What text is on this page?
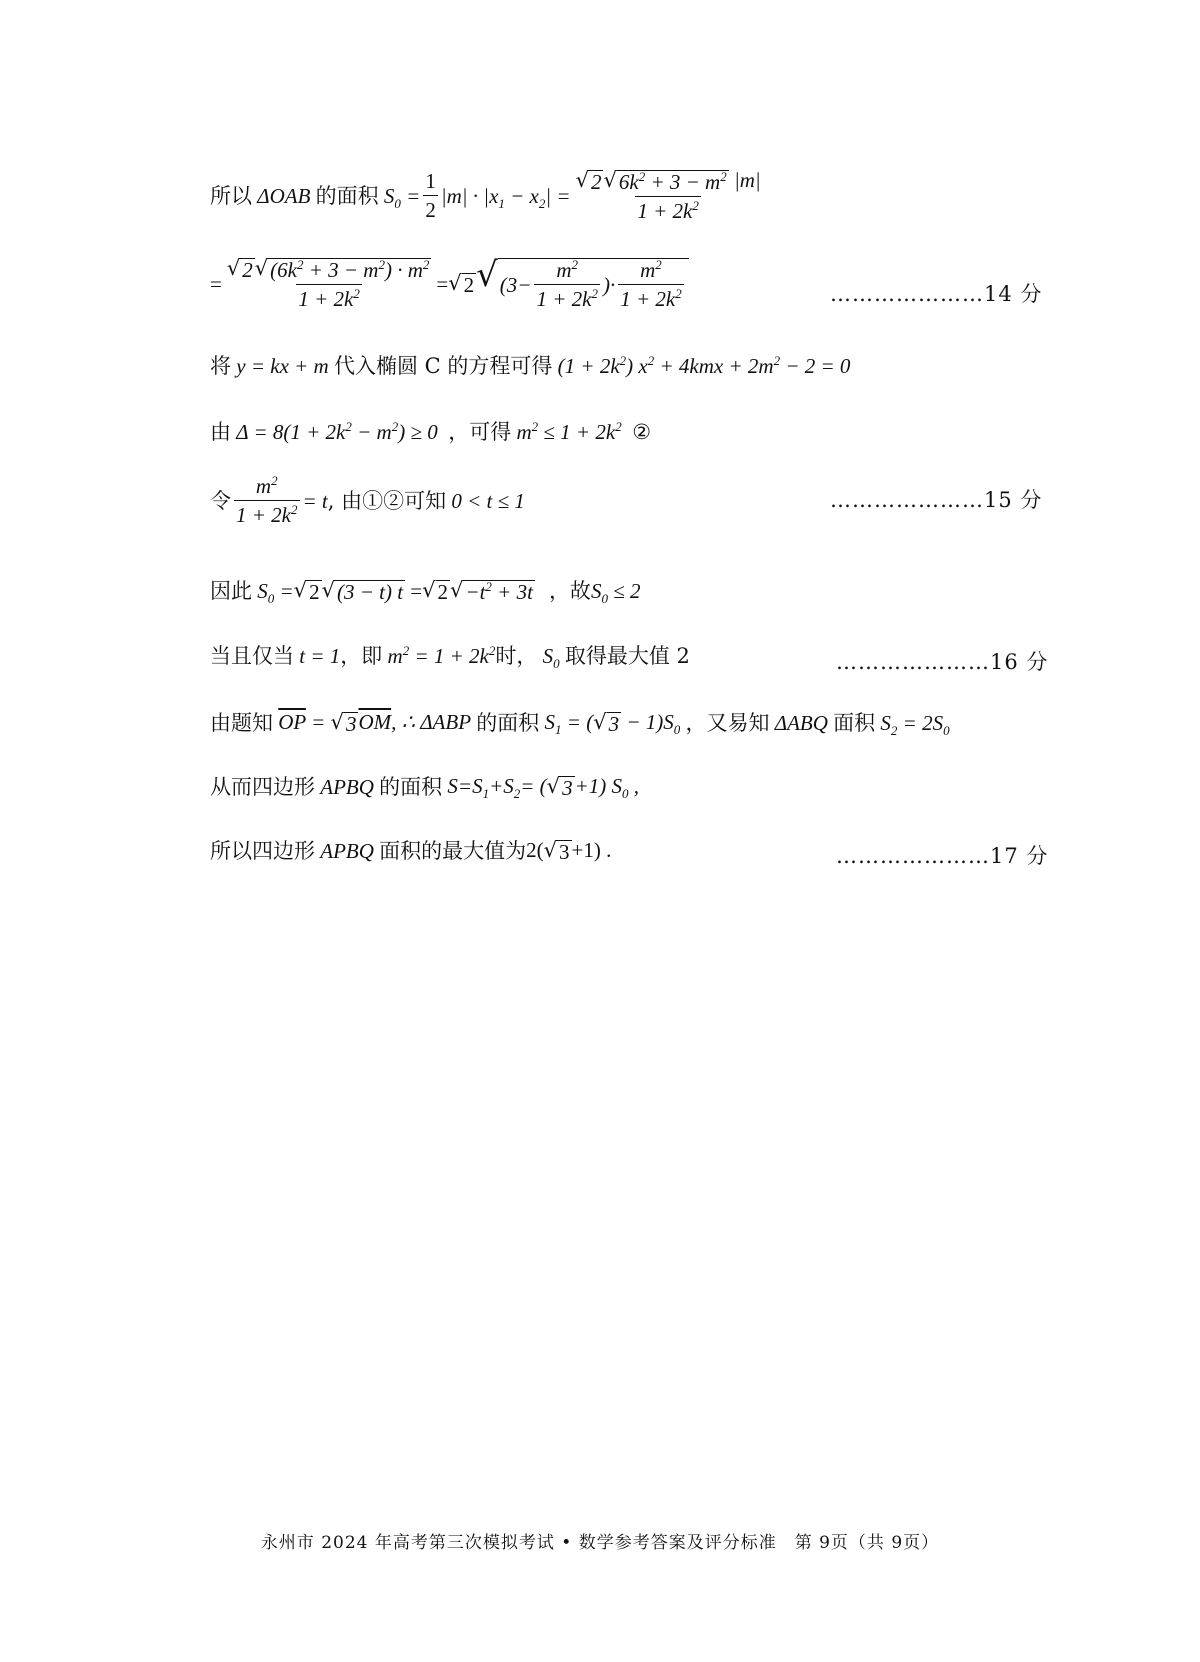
所以 ΔOAB 的面积 $S_0 = \frac{1}{2} |m| \cdot |x_1 - x_2| = \frac{√ 2 √ 6k^2 + 3 - m^2 |m|}{1 + 2k^2}$
= $\frac{√ 2 √ (6k^2 + 3 - m^2) \cdot m^2}{1 + 2k^2}$ = √ 2 √ ($3- \frac{m^2}{1 + 2k^2}$ )· $\frac{m^2}{1 + 2k^2}$	…………………14 分
将 y = kx + m 代入椭圆 C 的方程可得 $(1 + 2k^2)$ $x^2 + 4kmx + 2m^2 - 2 = 0$
由 $\Delta = 8(1 + 2k^2 - m^2) \ge 0$ ，可得 $m^2 \le 1 + 2k^2$ ②
令 $\frac{m^2}{1 + 2k^2} = t$ , 由①②可知 0 < t ≤ 1	…………………15 分
因此 $S_0$ = √ 2 √ (3 − t) t = √ 2 √ $-t^2 + 3t$ ，故 $S_0 \le 2$
当且仅当 t = 1 ，即 $m^2 = 1 + 2k^2$ 时， $S_0$ 取得最大值 2	…………………16 分
由题知 $\overline{OP}$ = √ 3 $\overline{OM}$, ∴ ΔABP 的面积 $S_1$ = ( √ $3 - 1)S_0$ ，又易知 ΔABQ 面积 $S_2 = 2S_0$
从而四边形 APBQ 的面积 $S=S_1+S_2=$ ( √ 3 +1) $S_0$ ,
所以四边形 APBQ 面积的最大值为 2( √ 3 +1) .	…………………17 分
永州市 2024 年高考第三次模拟考试 • 数学参考答案及评分标准　第 9页（共 9页）
